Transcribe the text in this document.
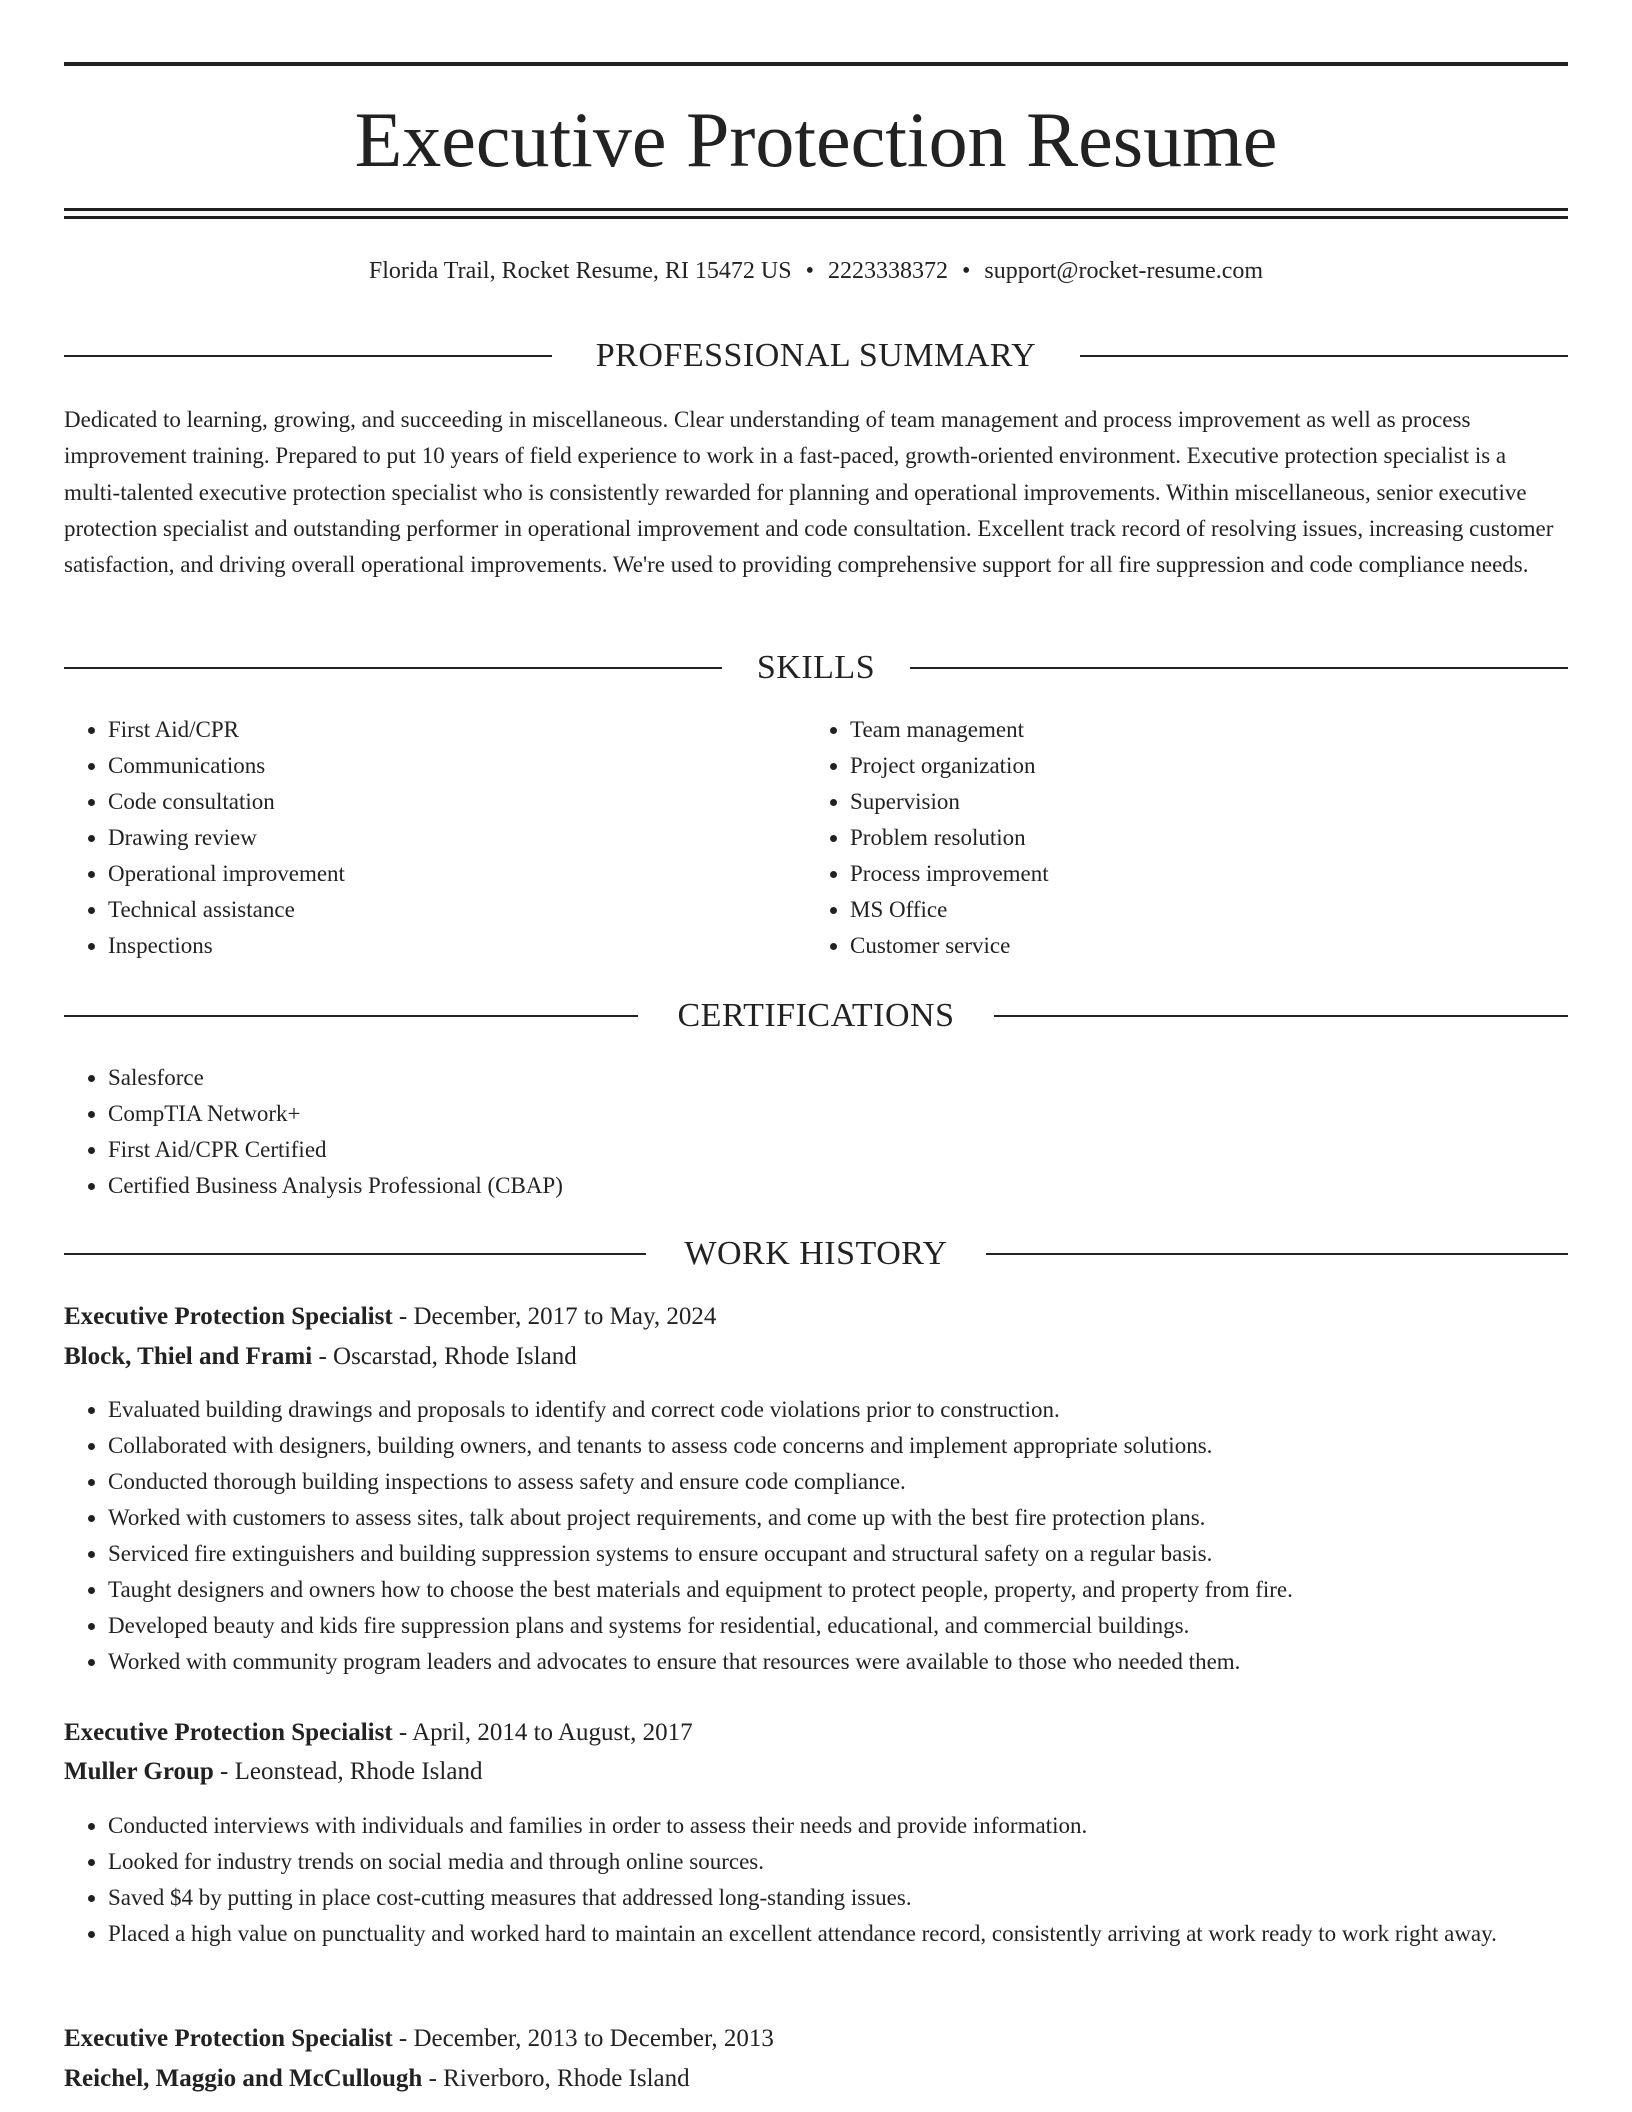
Executive Protection Resume
Florida Trail, Rocket Resume, RI 15472 US • 2223338372 • support@rocket-resume.com
PROFESSIONAL SUMMARY

Dedicated to learning, growing, and succeeding in miscellaneous. Clear understanding of team management and process improvement as well as process improvement training. Prepared to put 10 years of field experience to work in a fast-paced, growth-oriented environment. Executive protection specialist is a multi-talented executive protection specialist who is consistently rewarded for planning and operational improvements. Within miscellaneous, senior executive protection specialist and outstanding performer in operational improvement and code consultation. Excellent track record of resolving issues, increasing customer satisfaction, and driving overall operational improvements. We're used to providing comprehensive support for all fire suppression and code compliance needs.

SKILLS
• First Aid/CPR
• Communications
• Code consultation
• Drawing review
• Operational improvement
• Technical assistance
• Inspections
• Team management
• Project organization
• Supervision
• Problem resolution
• Process improvement
• MS Office
• Customer service
CERTIFICATIONS
• Salesforce
• CompTIA Network+
• First Aid/CPR Certified
• Certified Business Analysis Professional (CBAP)
WORK HISTORY
Executive Protection Specialist - December, 2017 to May, 2024
Block, Thiel and Frami - Oscarstad, Rhode Island
• Evaluated building drawings and proposals to identify and correct code violations prior to construction.
• Collaborated with designers, building owners, and tenants to assess code concerns and implement appropriate solutions.
• Conducted thorough building inspections to assess safety and ensure code compliance.
• Worked with customers to assess sites, talk about project requirements, and come up with the best fire protection plans.
• Serviced fire extinguishers and building suppression systems to ensure occupant and structural safety on a regular basis.
• Taught designers and owners how to choose the best materials and equipment to protect people, property, and property from fire.
• Developed beauty and kids fire suppression plans and systems for residential, educational, and commercial buildings.
• Worked with community program leaders and advocates to ensure that resources were available to those who needed them.
Executive Protection Specialist - April, 2014 to August, 2017
Muller Group - Leonstead, Rhode Island
• Conducted interviews with individuals and families in order to assess their needs and provide information.
• Looked for industry trends on social media and through online sources.
• Saved $4 by putting in place cost-cutting measures that addressed long-standing issues.
• Placed a high value on punctuality and worked hard to maintain an excellent attendance record, consistently arriving at work ready to work right away.
Executive Protection Specialist - December, 2013 to December, 2013
Reichel, Maggio and McCullough - Riverboro, Rhode Island
